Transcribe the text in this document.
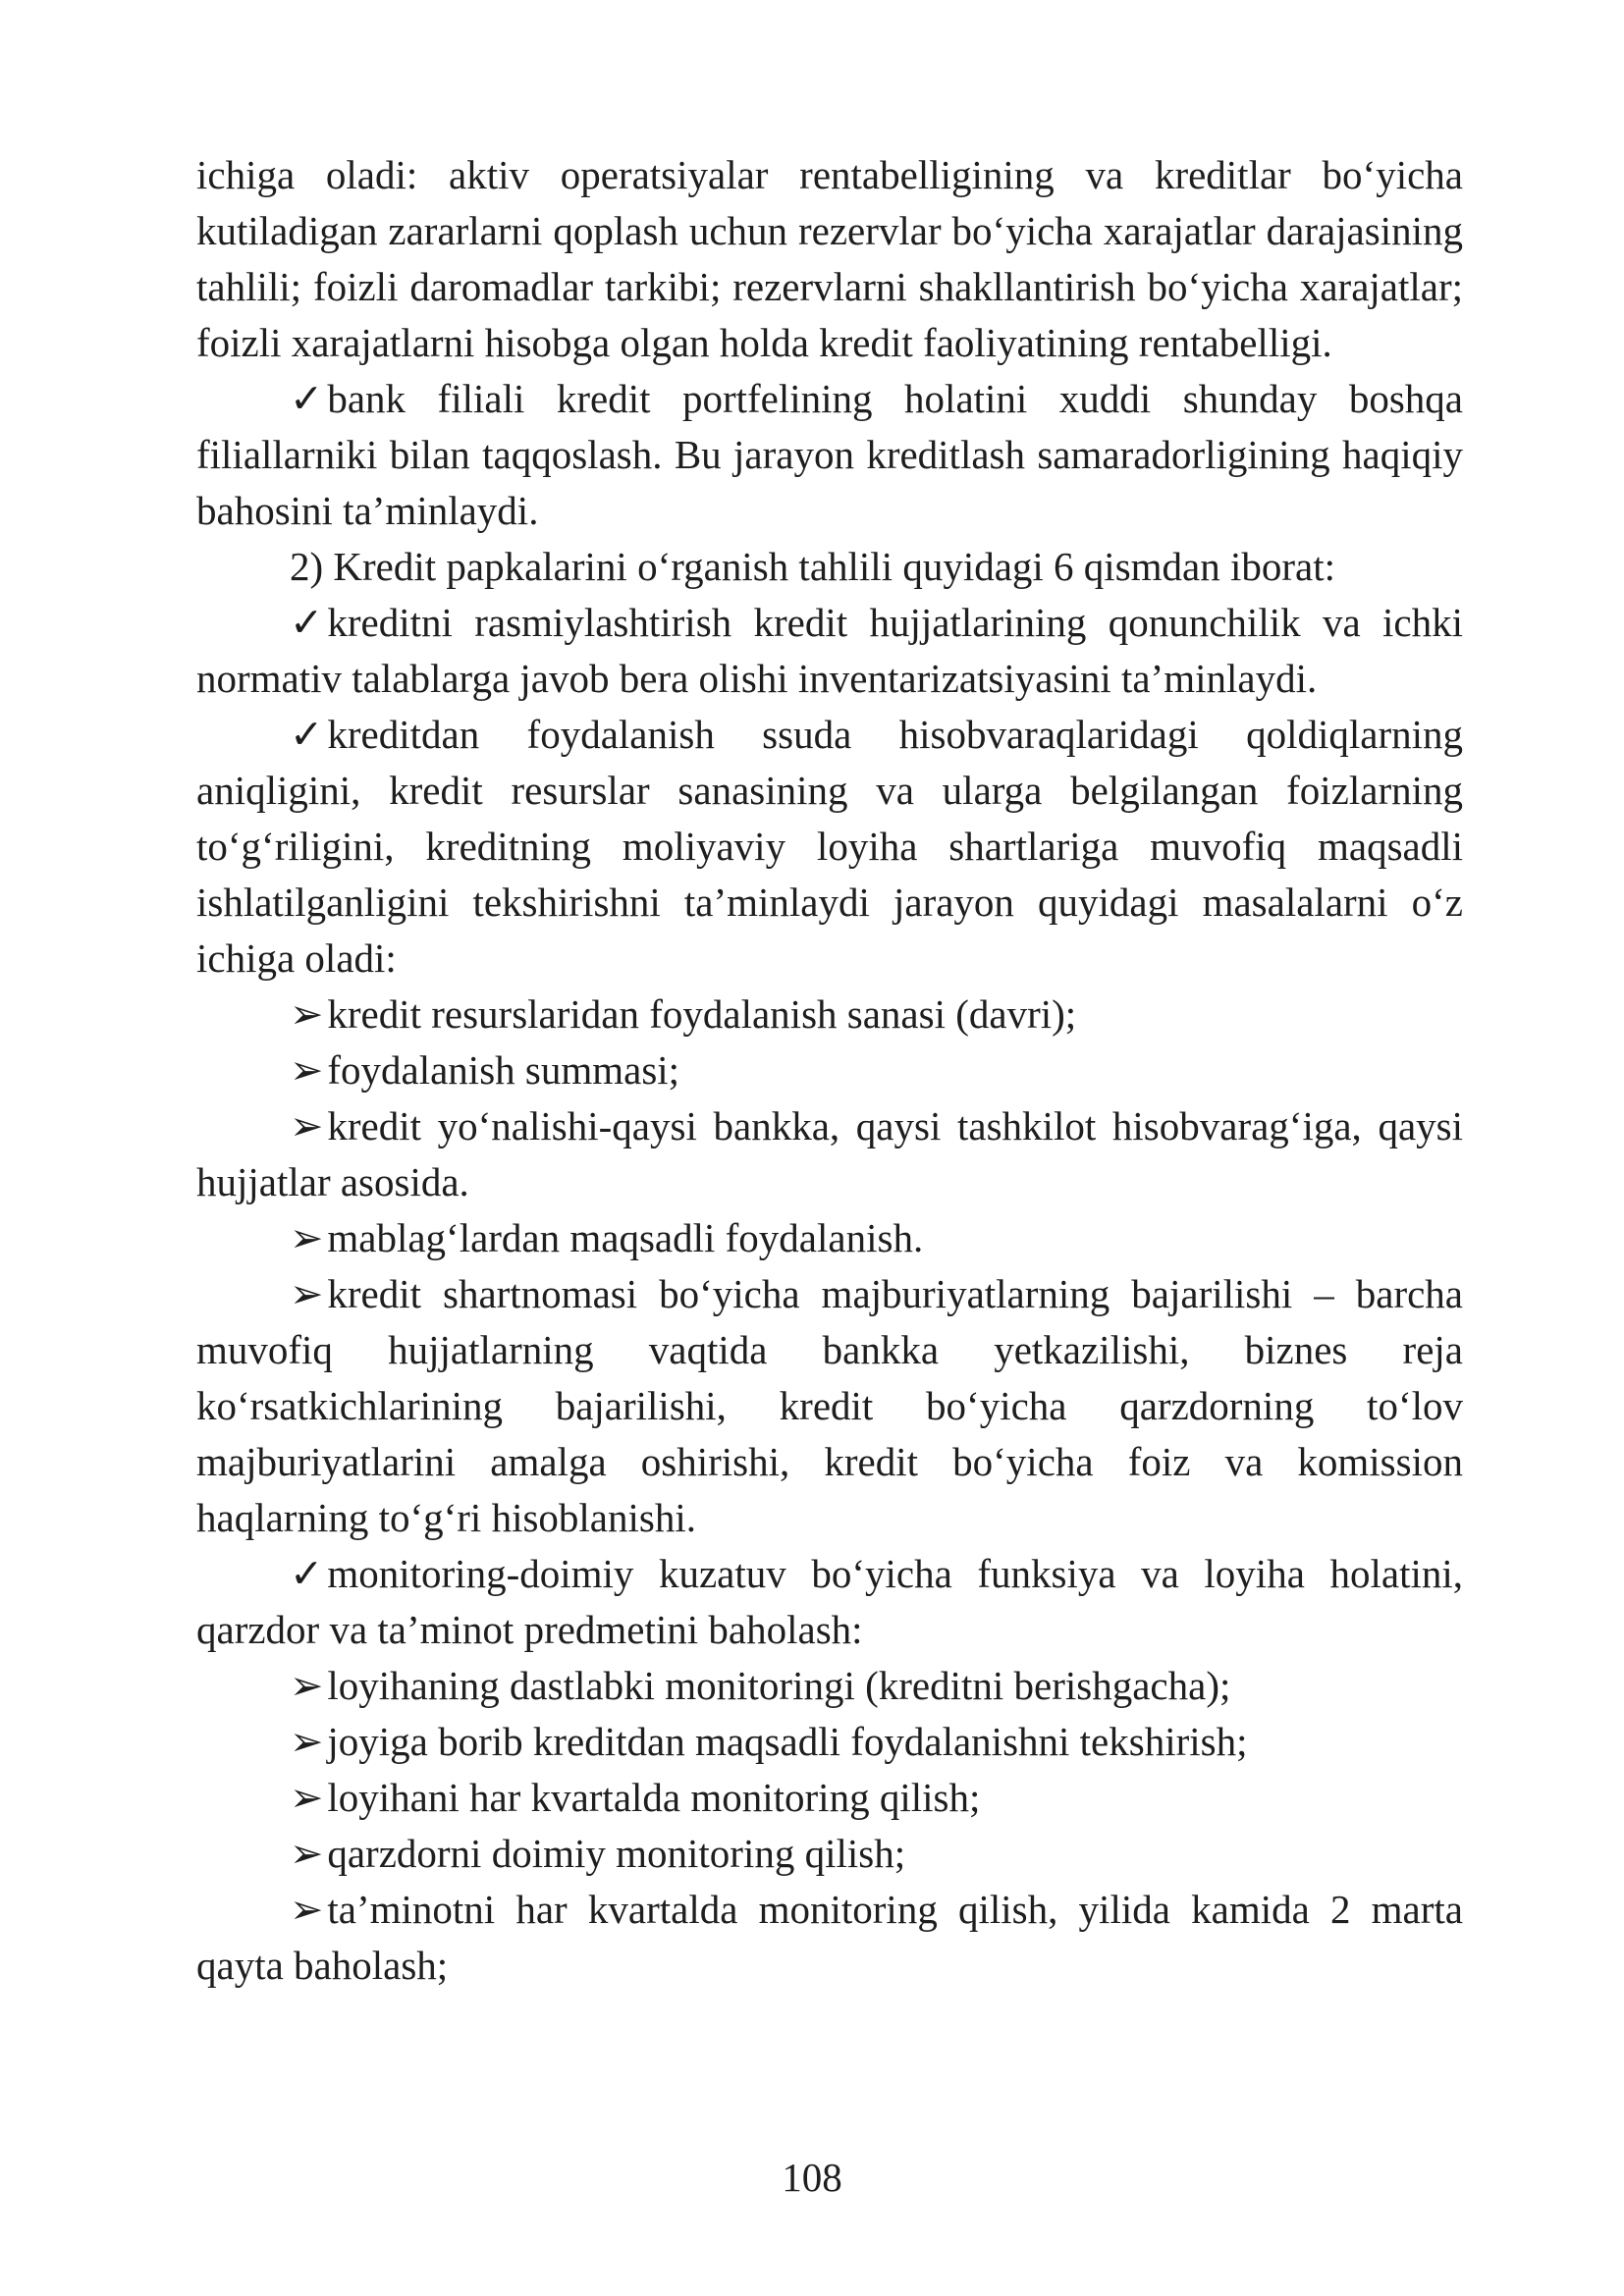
ichiga oladi: aktiv operatsiyalar rentabelligining va kreditlar bo‘yicha kutiladigan zararlarni qoplash uchun rezervlar bo‘yicha xarajatlar darajasining tahlili; foizli daromadlar tarkibi; rezervlarni shakllantirish bo‘yicha xarajatlar; foizli xarajatlarni hisobga olgan holda kredit faoliyatining rentabelligi.

✓bank filiali kredit portfelining holatini xuddi shunday boshqa filiallarniki bilan taqqoslash. Bu jarayon kreditlash samaradorligining haqiqiy bahosini ta’minlaydi.

2) Kredit papkalarini o‘rganish tahlili quyidagi 6 qismdan iborat:

✓kreditni rasmiylashtirish kredit hujjatlarining qonunchilik va ichki normativ talablarga javob bera olishi inventarizatsiyasini ta’minlaydi.

✓kreditdan foydalanish ssuda hisobvaraqlaridagi qoldiqlarning aniqligini, kredit resurslar sanasining va ularga belgilangan foizlarning to‘g‘riligini, kreditning moliyaviy loyiha shartlariga muvofiq maqsadli ishlatilganligini tekshirishni ta’minlaydi jarayon quyidagi masalalarni o‘z ichiga oladi:

➢kredit resurslaridan foydalanish sanasi (davri);

➢foydalanish summasi;

➢kredit yo‘nalishi-qaysi bankka, qaysi tashkilot hisobvarag‘iga, qaysi hujjatlar asosida.

➢mablag‘lardan maqsadli foydalanish.

➢kredit shartnomasi bo‘yicha majburiyatlarning bajarilishi – barcha muvofiq hujjatlarning vaqtida bankka yetkazilishi, biznes reja ko‘rsatkichlarining bajarilishi, kredit bo‘yicha qarzdorning to‘lov majburiyatlarini amalga oshirishi, kredit bo‘yicha foiz va komission haqlarning to‘g‘ri hisoblanishi.

✓monitoring-doimiy kuzatuv bo‘yicha funksiya va loyiha holatini, qarzdor va ta’minot predmetini baholash:

➢loyihaning dastlabki monitoringi (kreditni berishgacha);

➢joyiga borib kreditdan maqsadli foydalanishni tekshirish;

➢loyihani har kvartalda monitoring qilish;

➢qarzdorni doimiy monitoring qilish;

➢ta’minotni har kvartalda monitoring qilish, yilida kamida 2 marta qayta baholash;

108
